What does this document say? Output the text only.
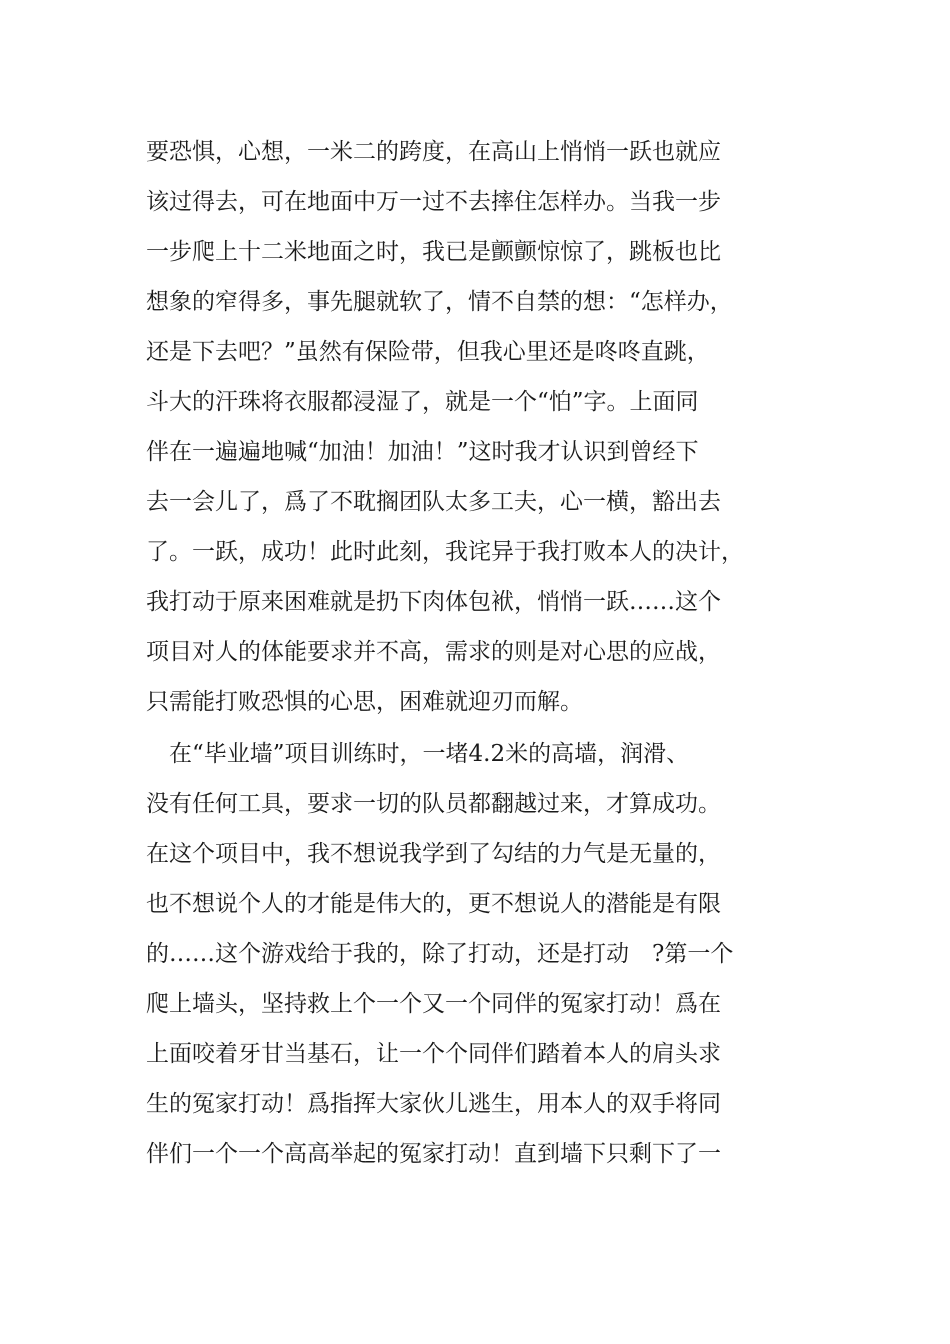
要恐惧，心想，一米二的跨度，在高山上悄悄一跃也就应
该过得去，可在地面中万一过不去摔住怎样办。当我一步
一步爬上十二米地面之时，我已是颤颤惊惊了，跳板也比
想象的窄得多，事先腿就软了，情不自禁的想：“怎样办，
还是下去吧？”虽然有保险带，但我心里还是咚咚直跳，
斗大的汗珠将衣服都浸湿了，就是一个“怕”字。上面同
伴在一遍遍地喊“加油！加油！”这时我才认识到曾经下
去一会儿了，爲了不耽搁团队太多工夫，心一横，豁出去
了。一跃，成功！此时此刻，我诧异于我打败本人的决计，
我打动于原来困难就是扔下肉体包袱，悄悄一跃……这个
项目对人的体能要求并不高，需求的则是对心思的应战，
只需能打败恐惧的心思，困难就迎刃而解。
　在“毕业墙”项目训练时，一堵4.2米的高墙，润滑、
没有任何工具，要求一切的队员都翻越过来，才算成功。
在这个项目中，我不想说我学到了勾结的力气是无量的，
也不想说个人的才能是伟大的，更不想说人的潜能是有限
的……这个游戏给于我的，除了打动，还是打动　?第一个
爬上墙头，坚持救上个一个又一个同伴的冤家打动！爲在
上面咬着牙甘当基石，让一个个同伴们踏着本人的肩头求
生的冤家打动！爲指挥大家伙儿逃生，用本人的双手将同
伴们一个一个高高举起的冤家打动！直到墙下只剩下了一
